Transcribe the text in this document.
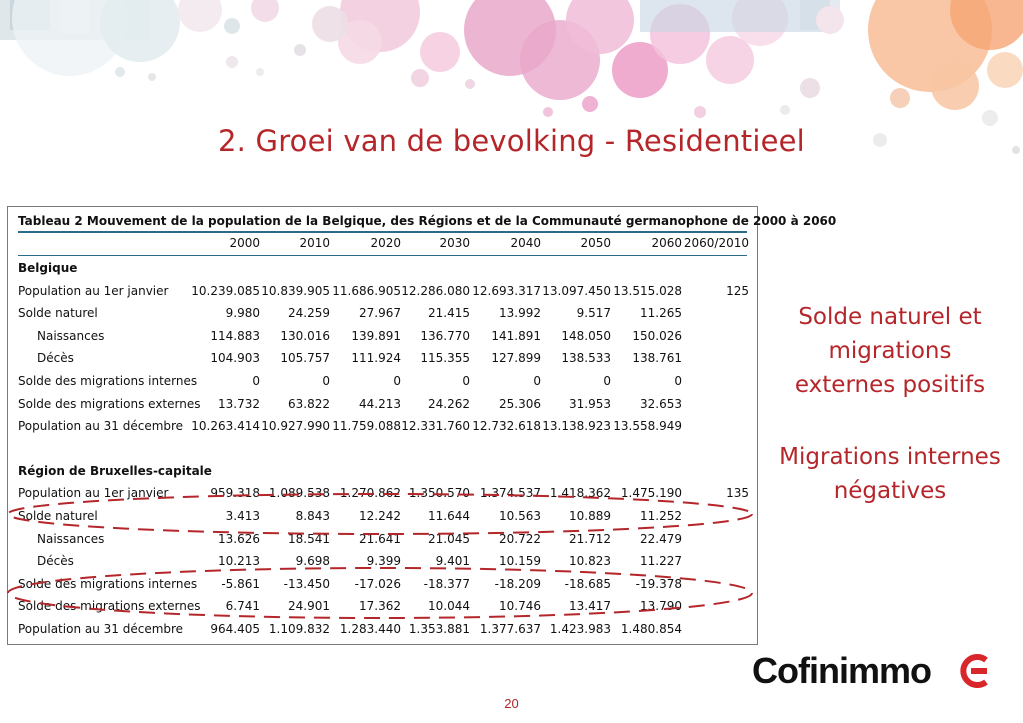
2. Groei van de bevolking - Residentieel
Tableau 2 Mouvement de la population de la Belgique, des Régions et de la Communauté germanophone de 2000 à 2060
2000	2010	2020	2030	2040	2050	2060 2060/2010
Belgique
Population au 1er janvier 10.239.085 10.839.905 11.686.905 12.286.080 12.693.317 13.097.450 13.515.028	125
Solde naturel	9.980 24.259 27.967 21.415 13.992	9.517 11.265
Naissances	114.883 130.016 139.891 136.770 141.891 148.050 150.026
Décès	104.903 105.757 111.924 115.355 127.899 138.533 138.761
Solde des migrations internes	0	0	0	0	0	0	0
Solde des migrations externes 13.732 63.822 44.213 24.262 25.306 31.953 32.653
Population au 31 décembre 10.263.414 10.927.990 11.759.088 12.331.760 12.732.618 13.138.923 13.558.949
Région de Bruxelles-capitale
Population au 1er janvier	959.318 1.089.538 1.270.862 1.350.570 1.374.537 1.418.362 1.475.190	135
Solde naturel	3.413	8.843 12.242 11.644 10.563 10.889 11.252
Naissances	13.626 18.541 21.641 21.045 20.722 21.712 22.479
Décès	10.213	9.698	9.399	9.401 10.159 10.823 11.227
Solde des migrations internes -5.861 -13.450 -17.026 -18.377 -18.209 -18.685 -19.378
Solde des migrations externes 6.741 24.901 17.362 10.044 10.746 13.417 13.790
Population au 31 décembre 964.405 1.109.832 1.283.440 1.353.881 1.377.637 1.423.983 1.480.854
Solde naturel et
migrations
externes positifs
Migrations internes
négatives
Cofinimmo
20
